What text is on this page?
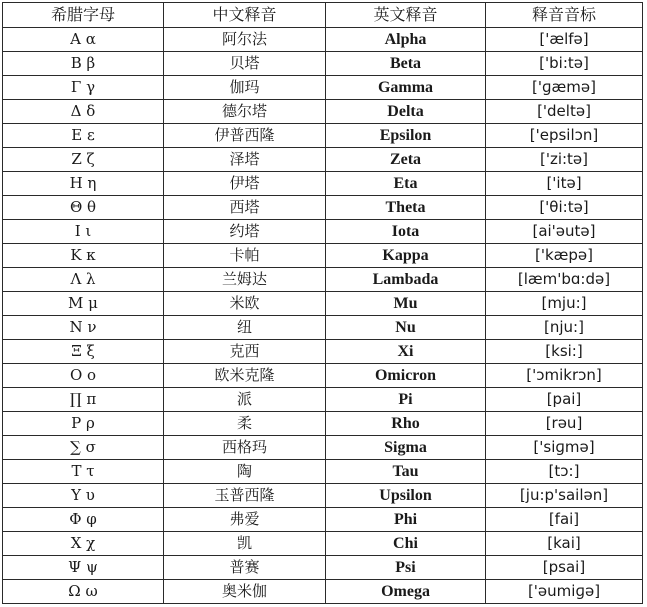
希腊字母	中文释音	英文释音	释音音标
Α α	阿尔法	Alpha	['ælfə]
Β β	贝塔	Beta	['bi:tə]
Γ γ	伽玛	Gamma	['ɡæmə]
Δ δ	德尔塔	Delta	['deltə]
Ε ε	伊普西隆	Epsilon	['epsilɔn]
Ζ ζ	泽塔	Zeta	['zi:tə]
Η η	伊塔	Eta	['itə]
Θ θ	西塔	Theta	['θi:tə]
Ι ι	约塔	Iota	[ai'əutə]
Κ κ	卡帕	Kappa	['kæpə]
Λ λ	兰姆达	Lambada	[læm'bɑ:də]
Μ μ	米欧	Mu	[mju:]
Ν ν	纽	Nu	[nju:]
Ξ ξ	克西	Xi	[ksi:]
Ο ο	欧米克隆	Omicron	['ɔmikrɔn]
∏ π	派	Pi	[pai]
Ρ ρ	柔	Rho	[rəu]
∑ σ	西格玛	Sigma	['siɡmə]
Τ τ	陶	Tau	[tɔ:]
Υ υ	玉普西隆	Upsilon	[ju:p'sailən]
Φ φ	弗爱	Phi	[fai]
Χ χ	凯	Chi	[kai]
Ψ ψ	普赛	Psi	[psai]
Ω ω	奥米伽	Omega	['əumiɡə]
